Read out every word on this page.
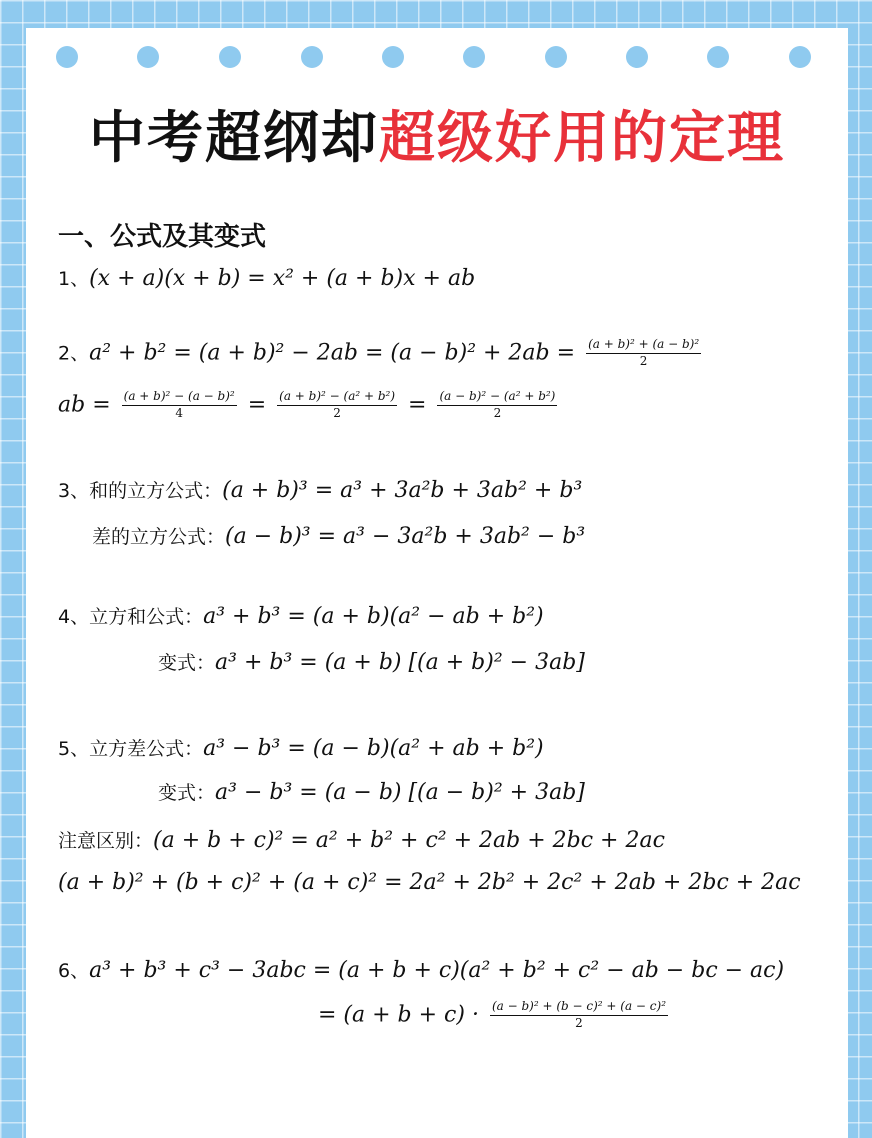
中考超纲却超级好用的定理
一、公式及其变式
1、(x + a)(x + b) = x² + (a + b)x + ab
2、$a^2 + b^2 = (a + b)^2 - 2ab = (a - b)^2 + 2ab = \frac{\text{(a + b)² + (a − b)²}}{2}$
ab = $\frac{\text{(a + b)² − (a − b)²}}{4} = \frac{\text{(a + b)² − (a² + b²)}}{2} = \frac{\text{(a − b)² − (a² + b²)}}{2}$
3、和的立方公式：(a + b)³ = a³ + 3a²b + 3ab² + b³
差的立方公式：(a − b)³ = a³ − 3a²b + 3ab² − b³
4、立方和公式：a³ + b³ = (a + b)(a² − ab + b²)
变式：a³ + b³ = (a + b) [(a + b)² − 3ab]
5、立方差公式：a³ − b³ = (a − b)(a² + ab + b²)
变式：a³ − b³ = (a − b) [(a − b)² + 3ab]
注意区别：(a + b + c)² = a² + b² + c² + 2ab + 2bc + 2ac
(a + b)² + (b + c)² + (a + c)² = 2a² + 2b² + 2c² + 2ab + 2bc + 2ac
6、a³ + b³ + c³ − 3abc = (a + b + c)(a² + b² + c² − ab − bc − ac)
= $(a + b + c) \cdot \frac{\text{(a − b)² + (b − c)² + (a − c)²}}{2}$
